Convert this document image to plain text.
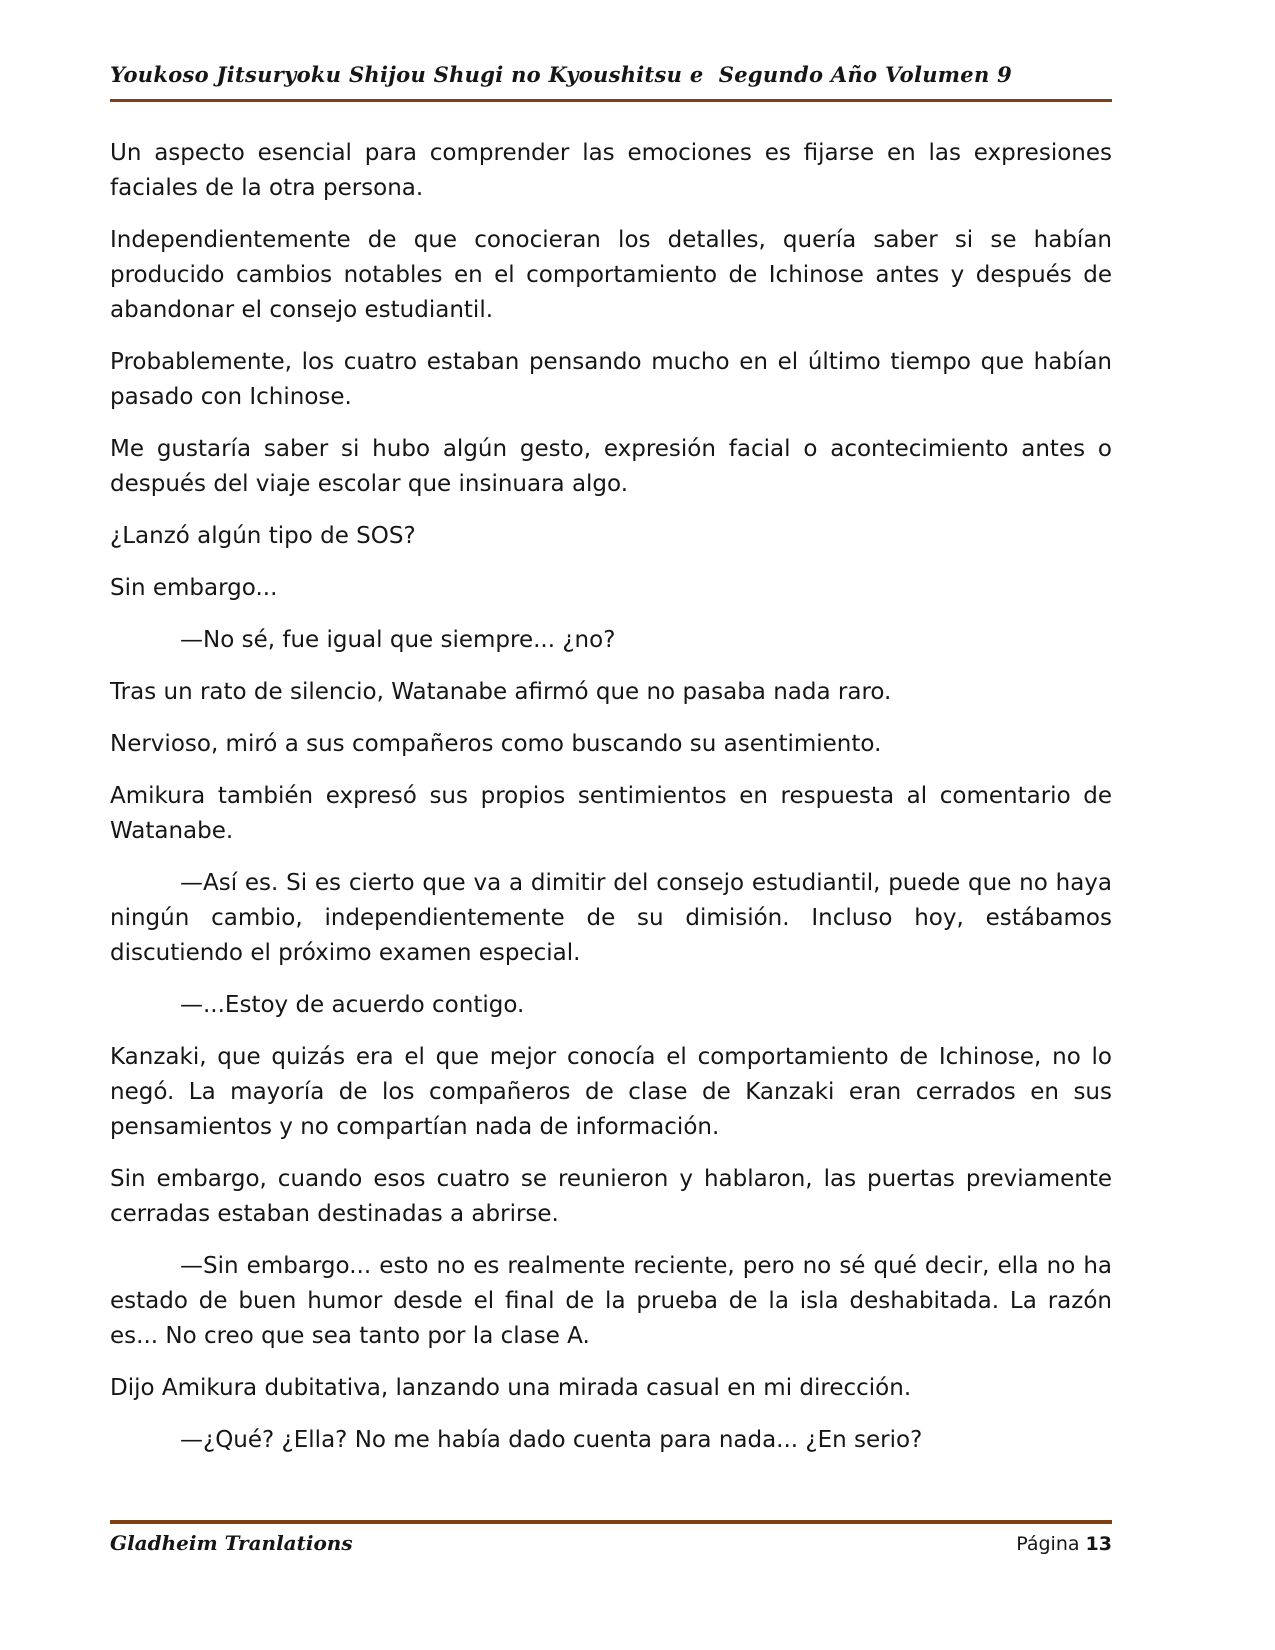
Youkoso Jitsuryoku Shijou Shugi no Kyoushitsu e  Segundo Año Volumen 9

Un aspecto esencial para comprender las emociones es fijarse en las expresiones faciales de la otra persona.

Independientemente de que conocieran los detalles, quería saber si se habían producido cambios notables en el comportamiento de Ichinose antes y después de abandonar el consejo estudiantil.

Probablemente, los cuatro estaban pensando mucho en el último tiempo que habían pasado con Ichinose.

Me gustaría saber si hubo algún gesto, expresión facial o acontecimiento antes o después del viaje escolar que insinuara algo.

¿Lanzó algún tipo de SOS?

Sin embargo...

—No sé, fue igual que siempre... ¿no?

Tras un rato de silencio, Watanabe afirmó que no pasaba nada raro.

Nervioso, miró a sus compañeros como buscando su asentimiento.

Amikura también expresó sus propios sentimientos en respuesta al comentario de Watanabe.

—Así es. Si es cierto que va a dimitir del consejo estudiantil, puede que no haya ningún cambio, independientemente de su dimisión. Incluso hoy, estábamos discutiendo el próximo examen especial.

—...Estoy de acuerdo contigo.

Kanzaki, que quizás era el que mejor conocía el comportamiento de Ichinose, no lo negó. La mayoría de los compañeros de clase de Kanzaki eran cerrados en sus pensamientos y no compartían nada de información.

Sin embargo, cuando esos cuatro se reunieron y hablaron, las puertas previamente cerradas estaban destinadas a abrirse.

—Sin embargo... esto no es realmente reciente, pero no sé qué decir, ella no ha estado de buen humor desde el final de la prueba de la isla deshabitada. La razón es... No creo que sea tanto por la clase A.

Dijo Amikura dubitativa, lanzando una mirada casual en mi dirección.

—¿Qué? ¿Ella? No me había dado cuenta para nada... ¿En serio?

Gladheim Tranlations	Página 13
